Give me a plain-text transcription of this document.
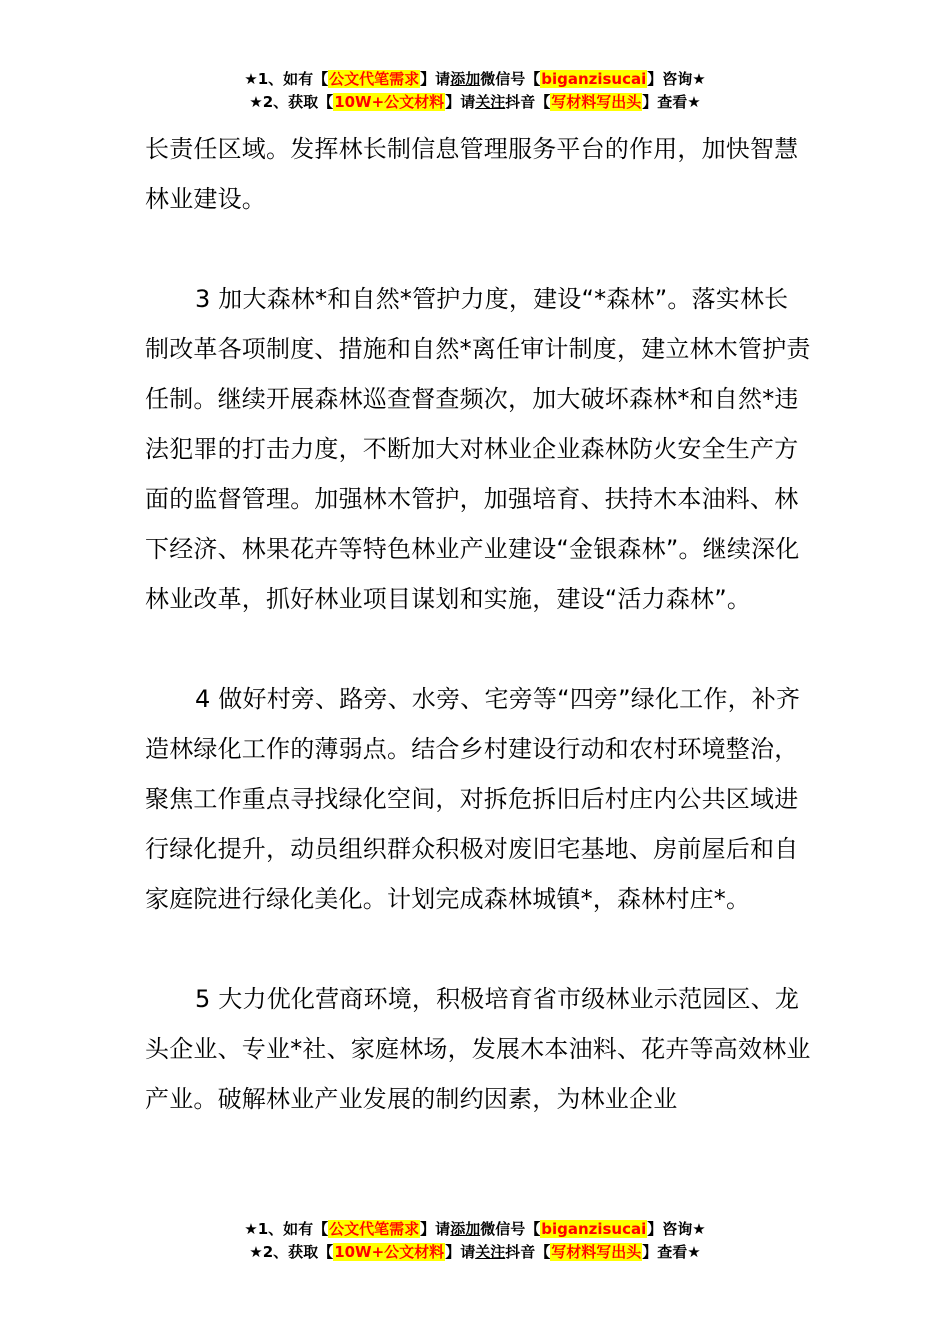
★1、如有【公文代笔需求】请添加微信号【biganzisucai】咨询★
★2、获取【10W+公文材料】请关注抖音【写材料写出头】查看★

长责任区域。发挥林长制信息管理服务平台的作用，加快智慧林业建设。

3 加大森林*和自然*管护力度，建设“*森林”。落实林长制改革各项制度、措施和自然*离任审计制度，建立林木管护责任制。继续开展森林巡查督查频次，加大破坏森林*和自然*违法犯罪的打击力度，不断加大对林业企业森林防火安全生产方面的监督管理。加强林木管护，加强培育、扶持木本油料、林下经济、林果花卉等特色林业产业建设“金银森林”。继续深化林业改革，抓好林业项目谋划和实施，建设“活力森林”。

4 做好村旁、路旁、水旁、宅旁等“四旁”绿化工作，补齐造林绿化工作的薄弱点。结合乡村建设行动和农村环境整治，聚焦工作重点寻找绿化空间，对拆危拆旧后村庄内公共区域进行绿化提升，动员组织群众积极对废旧宅基地、房前屋后和自家庭院进行绿化美化。计划完成森林城镇*，森林村庄*。

5 大力优化营商环境，积极培育省市级林业示范园区、龙头企业、专业*社、家庭林场，发展木本油料、花卉等高效林业产业。破解林业产业发展的制约因素，为林业企业

★1、如有【公文代笔需求】请添加微信号【biganzisucai】咨询★
★2、获取【10W+公文材料】请关注抖音【写材料写出头】查看★
